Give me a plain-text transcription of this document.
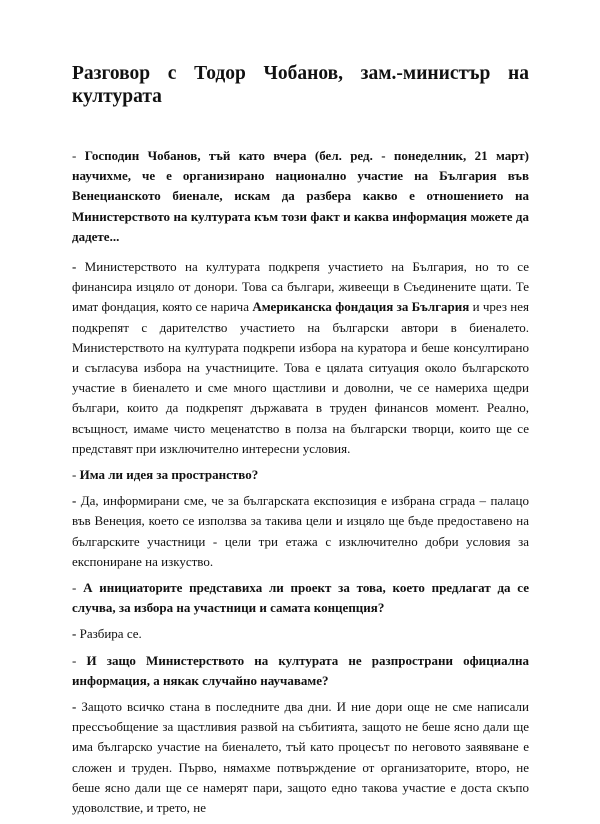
Разговор с Тодор Чобанов, зам.-министър на културата

- Господин Чобанов, тъй като вчера (бел. ред. - понеделник, 21 март) научихме, че е организирано национално участие на България във Венецианското биенале, искам да разбера какво е отношението на Министерството на културата към този факт и каква информация можете да дадете...

- Министерството на културата подкрепя участието на България, но то се финансира изцяло от донори. Това са българи, живеещи в Съединените щати. Те имат фондация, която се нарича Американска фондация за България и чрез нея подкрепят с дарителство участието на български автори в биеналето. Министерството на културата подкрепи избора на куратора и беше консултирано и съгласува избора на участниците. Това е цялата ситуация около българското участие в биеналето и сме много щастливи и доволни, че се намериха щедри българи, които да подкрепят държавата в труден финансов момент. Реално, всъщност, имаме чисто меценатство в полза на български творци, които ще се представят при изключително интересни условия.

- Има ли идея за пространство?

- Да, информирани сме, че за българската експозиция е избрана сграда – палацо във Венеция, което се използва за такива цели и изцяло ще бъде предоставено на българските участници - цели три етажа с изключително добри условия за експониране на изкуство.

- А инициаторите представиха ли проект за това, което предлагат да се случва, за избора на участници и самата концепция?

- Разбира се.

- И защо Министерството на културата не разпространи официална информация, а някак случайно научаваме?

- Защото всичко стана в последните два дни. И ние дори още не сме написали прессъобщение за щастливия развой на събитията, защото не беше ясно дали ще има българско участие на биеналето, тъй като процесът по неговото заявяване е сложен и труден. Първо, нямахме потвърждение от организаторите, второ, не беше ясно дали ще се намерят пари, защото едно такова участие е доста скъпо удоволствие, и трето, не
